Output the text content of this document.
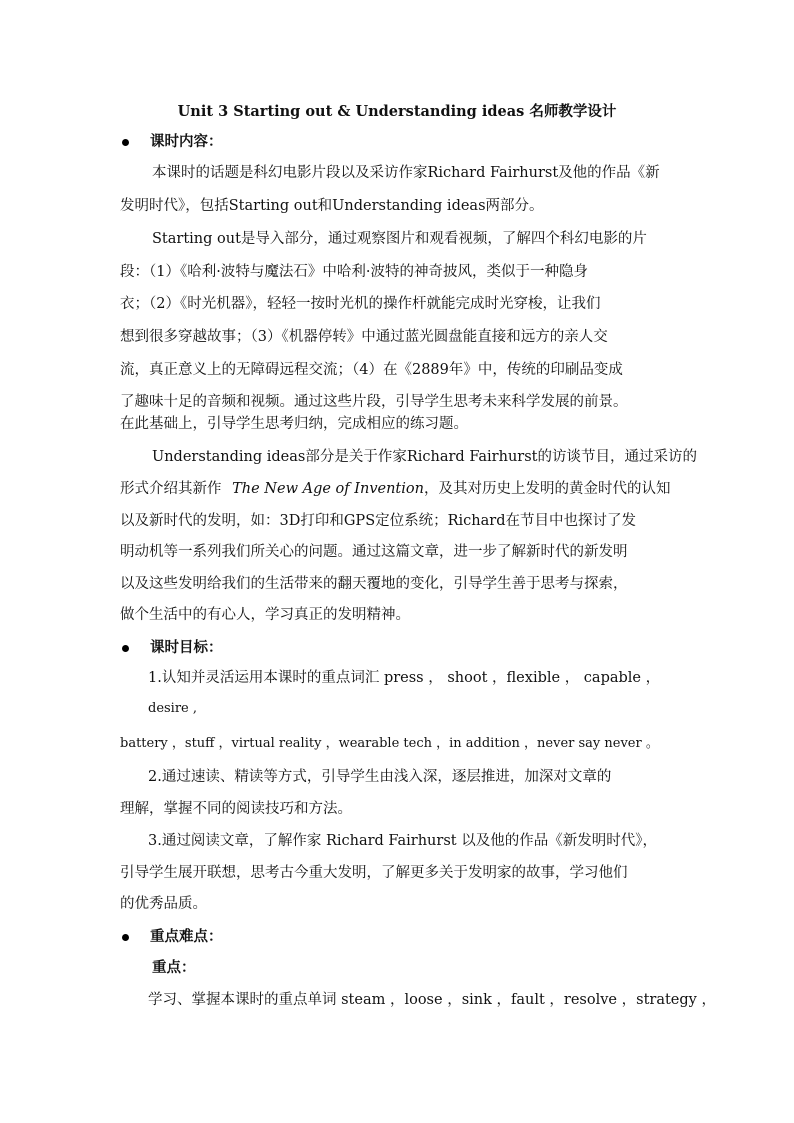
Unit 3 Starting out & Understanding ideas 名师教学设计
课时内容：
本课时的话题是科幻电影片段以及采访作家Richard Fairhurst及他的作品《新
发明时代》，包括Starting out和Understanding ideas两部分。
Starting out是导入部分，通过观察图片和观看视频，了解四个科幻电影的片
段：（1）《哈利·波特与魔法石》中哈利·波特的神奇披风，类似于一种隐身
衣；（2）《时光机器》，轻轻一按时光机的操作杆就能完成时光穿梭，让我们
想到很多穿越故事；（3）《机器停转》中通过蓝光圆盘能直接和远方的亲人交
流，真正意义上的无障碍远程交流；（4）在《2889年》中，传统的印刷品变成
了趣味十足的音频和视频。通过这些片段，引导学生思考未来科学发展的前景。
在此基础上，引导学生思考归纳，完成相应的练习题。
Understanding ideas部分是关于作家Richard Fairhurst的访谈节目，通过采访的
形式介绍其新作 The New Age of Invention，及其对历史上发明的黄金时代的认知
以及新时代的发明，如：3D打印和GPS定位系统；Richard在节目中也探讨了发
明动机等一系列我们所关心的问题。通过这篇文章，进一步了解新时代的新发明
以及这些发明给我们的生活带来的翻天覆地的变化，引导学生善于思考与探索，
做个生活中的有心人，学习真正的发明精神。
课时目标：
1.认知并灵活运用本课时的重点词汇 press ， shoot ，flexible ， capable ，
desire ,
battery ，stuff ，virtual reality ，wearable tech ，in addition ，never say never 。
2.通过速读、精读等方式，引导学生由浅入深，逐层推进，加深对文章的
理解，掌握不同的阅读技巧和方法。
3.通过阅读文章，了解作家 Richard Fairhurst 以及他的作品《新发明时代》，
引导学生展开联想，思考古今重大发明，了解更多关于发明家的故事，学习他们
的优秀品质。
重点难点：
重点：
学习、掌握本课时的重点单词 steam ，loose ，sink ，fault ，resolve ，strategy ，
